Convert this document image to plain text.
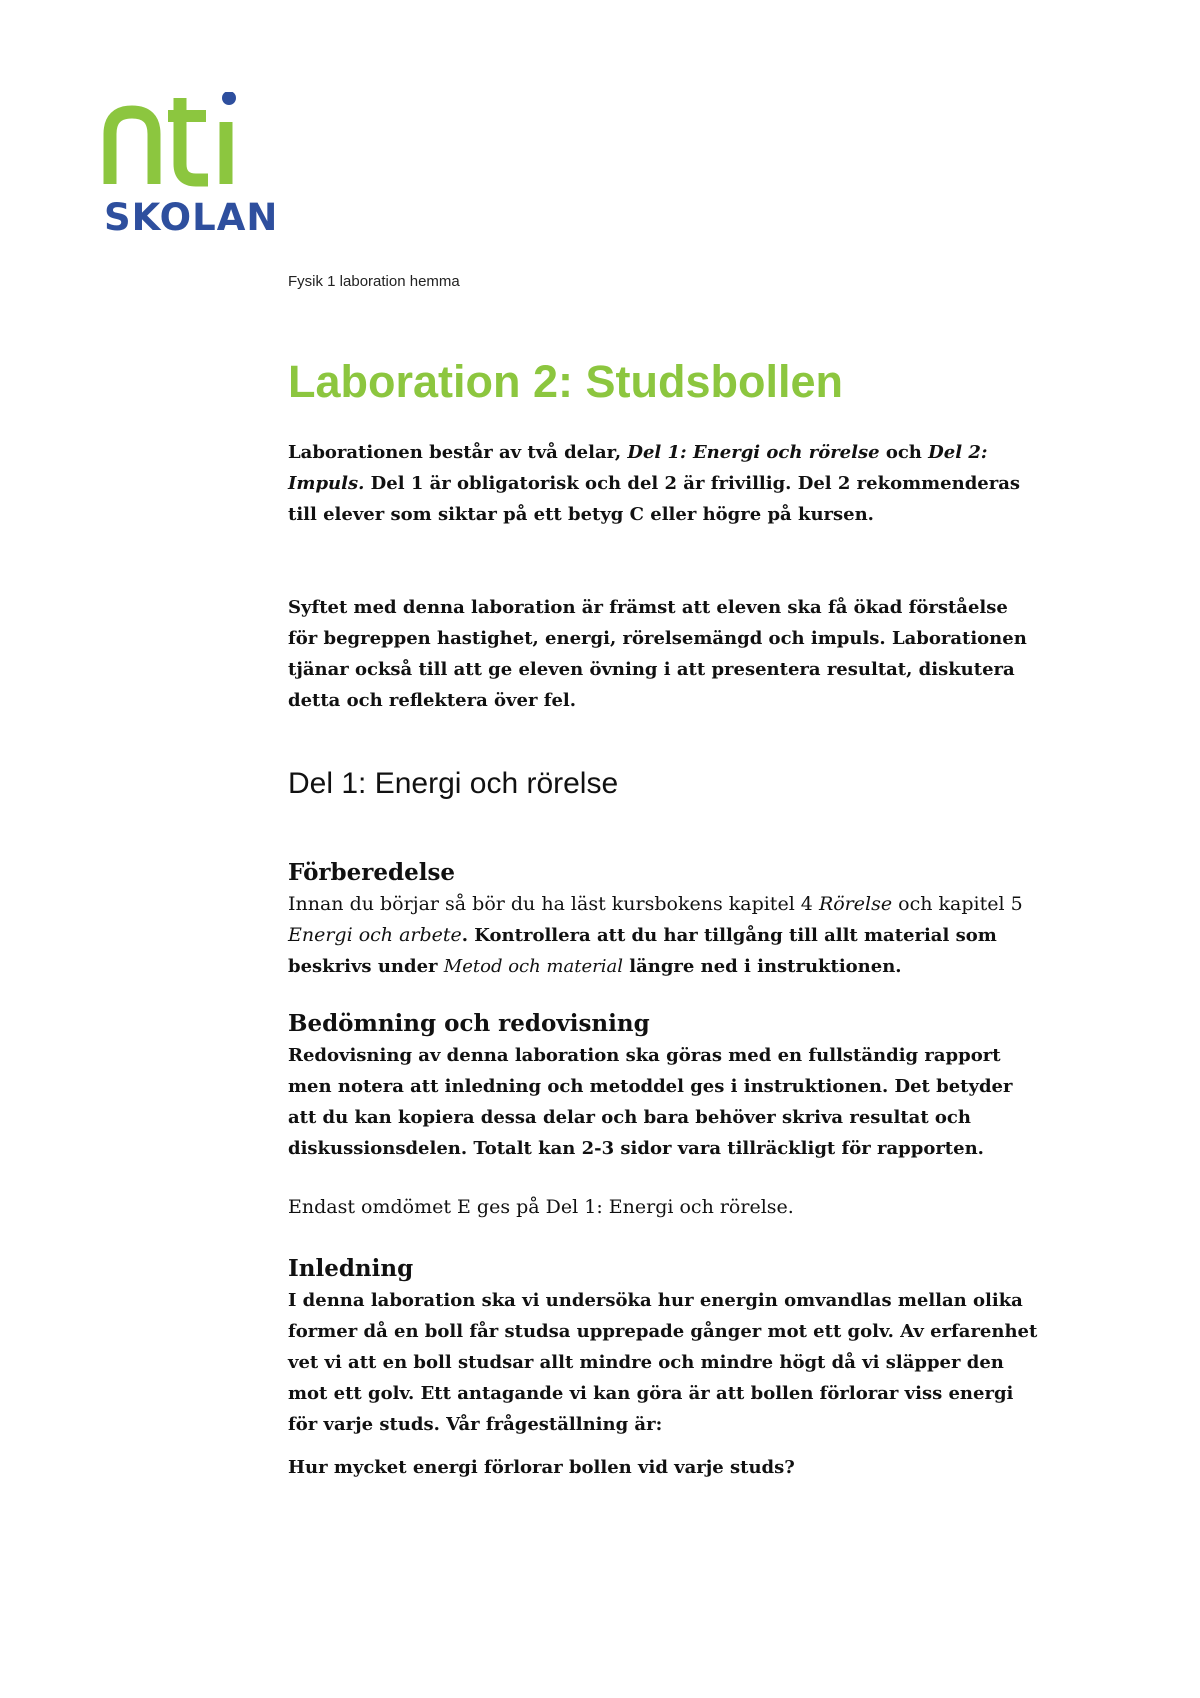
SKOLAN
Fysik 1 laboration hemma
Laboration 2: Studsbollen

Laborationen består av två delar, Del 1: Energi och rörelse och Del 2: Impuls. Del 1 är obligatorisk och del 2 är frivillig. Del 2 rekommenderas till elever som siktar på ett betyg C eller högre på kursen.

Syftet med denna laboration är främst att eleven ska få ökad förståelse för begreppen hastighet, energi, rörelsemängd och impuls. Laborationen tjänar också till att ge eleven övning i att presentera resultat, diskutera detta och reflektera över fel.

Del 1: Energi och rörelse
Förberedelse

Innan du börjar så bör du ha läst kursbokens kapitel 4 Rörelse och kapitel 5 Energi och arbete. Kontrollera att du har tillgång till allt material som beskrivs under Metod och material längre ned i instruktionen.

Bedömning och redovisning

Redovisning av denna laboration ska göras med en fullständig rapport men notera att inledning och metoddel ges i instruktionen. Det betyder att du kan kopiera dessa delar och bara behöver skriva resultat och diskussionsdelen. Totalt kan 2-3 sidor vara tillräckligt för rapporten.

Endast omdömet E ges på Del 1: Energi och rörelse.

Inledning

I denna laboration ska vi undersöka hur energin omvandlas mellan olika former då en boll får studsa upprepade gånger mot ett golv. Av erfarenhet vet vi att en boll studsar allt mindre och mindre högt då vi släpper den mot ett golv. Ett antagande vi kan göra är att bollen förlorar viss energi för varje studs. Vår frågeställning är:

Hur mycket energi förlorar bollen vid varje studs?
